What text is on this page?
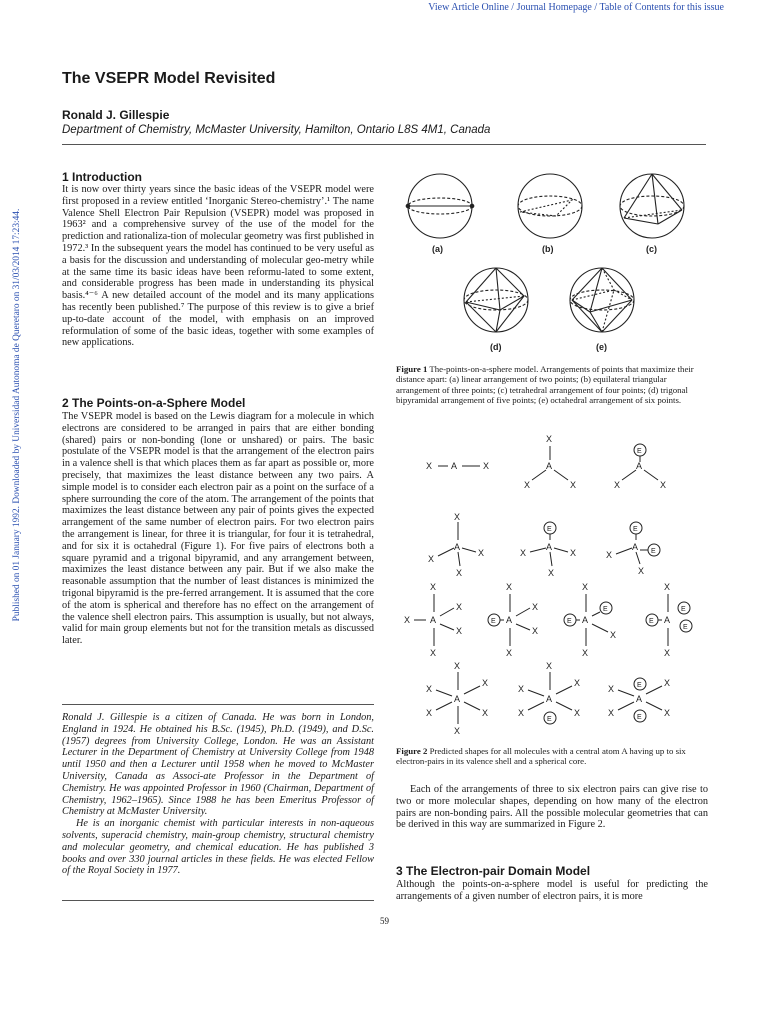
View Article Online / Journal Homepage / Table of Contents for this issue
Published on 01 January 1992. Downloaded by Universidad Autonoma de Queretaro on 31/03/2014 17:23:44.
The VSEPR Model Revisited
Ronald J. Gillespie
Department of Chemistry, McMaster University, Hamilton, Ontario L8S 4M1, Canada
1 Introduction

It is now over thirty years since the basic ideas of the VSEPR model were first proposed in a review entitled ‘Inorganic Stereo-chemistry’.¹ The name Valence Shell Electron Pair Repulsion (VSEPR) model was proposed in 1963² and a comprehensive survey of the use of the model for the prediction and rationaliza-tion of molecular geometry was first published in 1972.³ In the subsequent years the model has continued to be very useful as a basis for the discussion and understanding of molecular geo-metry while at the same time its basic ideas have been reformu-lated to some extent, and considerable progress has been made in understanding its physical basis.⁴⁻⁶ A new detailed account of the model and its many applications has recently been published.⁷ The purpose of this review is to give a brief up-to-date account of the model, with emphasis on an improved reformulation of some of the basic ideas, together with some examples of new applications.

2 The Points-on-a-Sphere Model

The VSEPR model is based on the Lewis diagram for a molecule in which electrons are considered to be arranged in pairs that are either bonding (shared) pairs or non-bonding (lone or unshared) or pairs. The basic postulate of the VSEPR model is that the arrangement of the electron pairs in a valence shell is that which places them as far apart as possible or, more precisely, that maximizes the least distance between any two pairs. A simple model is to consider each electron pair as a point on the surface of a sphere surrounding the core of the atom. The arrangement of the points that maximizes the least distance between any pair of points gives the expected arrangement of the same number of electron pairs. For two electron pairs the arrangement is linear, for three it is triangular, for four it is tetrahedral, and for six it is octahedral (Figure 1). For five pairs of electrons both a square pyramid and a trigonal bipyramid, and any arrangement between, maximizes the least distance between any pair. But if we also make the reasonable assumption that the number of least distances is minimized the trigonal bipyramid is the pre-ferred arrangement. It is assumed that the core of the atom is spherical and therefore has no effect on the arrangement of the valence shell electron pairs. This assumption is usually, but not always, valid for main group elements but not for the transition metals as discussed later.

Ronald J. Gillespie is a citizen of Canada. He was born in London, England in 1924. He obtained his B.Sc. (1945), Ph.D. (1949), and D.Sc. (1957) degrees from University College, London. He was an Assistant Lecturer in the Department of Chemistry at University College from 1948 until 1950 and then a Lecturer until 1958 when he moved to McMaster University, Canada as Associ-ate Professor in the Department of Chemistry. He was appointed Professor in 1960 (Chairman, Department of Chemistry, 1962–1965). Since 1988 he has been Emeritus Professor of Chemistry at McMaster University.

He is an inorganic chemist with particular interests in non-aqueous solvents, superacid chemistry, main-group chemistry, structural chemistry and molecular geometry, and chemical education. He has published 3 books and over 330 journal articles in these fields. He was elected Fellow of the Royal Society in 1977.

(a)	(b)	(c)
(d)	(e)
Figure 1 The-points-on-a-sphere model. Arrangements of points that maximize their distance apart: (a) linear arrangement of two points; (b) equilateral triangular arrangement of three points; (c) tetrahedral arrangement of four points; (d) trigonal bipyramidal arrangement of five points; (e) octahedral arrangement of six points.
X A	X
X
A
X	X
E
A
X	X
X
A
X
X
X
E
A
X	X
X
E
A E
X
X
X
X A
X
X
X
X
E A
X
X
X
X
E A
E
X
X
X
E A
E
E
X
X
X
X
A
X
X
X
X
X
X
A
X
X
E
E
X
X
A
X
X
E
Figure 2 Predicted shapes for all molecules with a central atom A having up to six electron-pairs in its valence shell and a spherical core.

Each of the arrangements of three to six electron pairs can give rise to two or more molecular shapes, depending on how many of the electron pairs are non-bonding pairs. All the possible molecular geometries that can be derived in this way are summarized in Figure 2.

3 The Electron-pair Domain Model

Although the points-on-a-sphere model is useful for predicting the arrangements of a given number of electron pairs, it is more

59
